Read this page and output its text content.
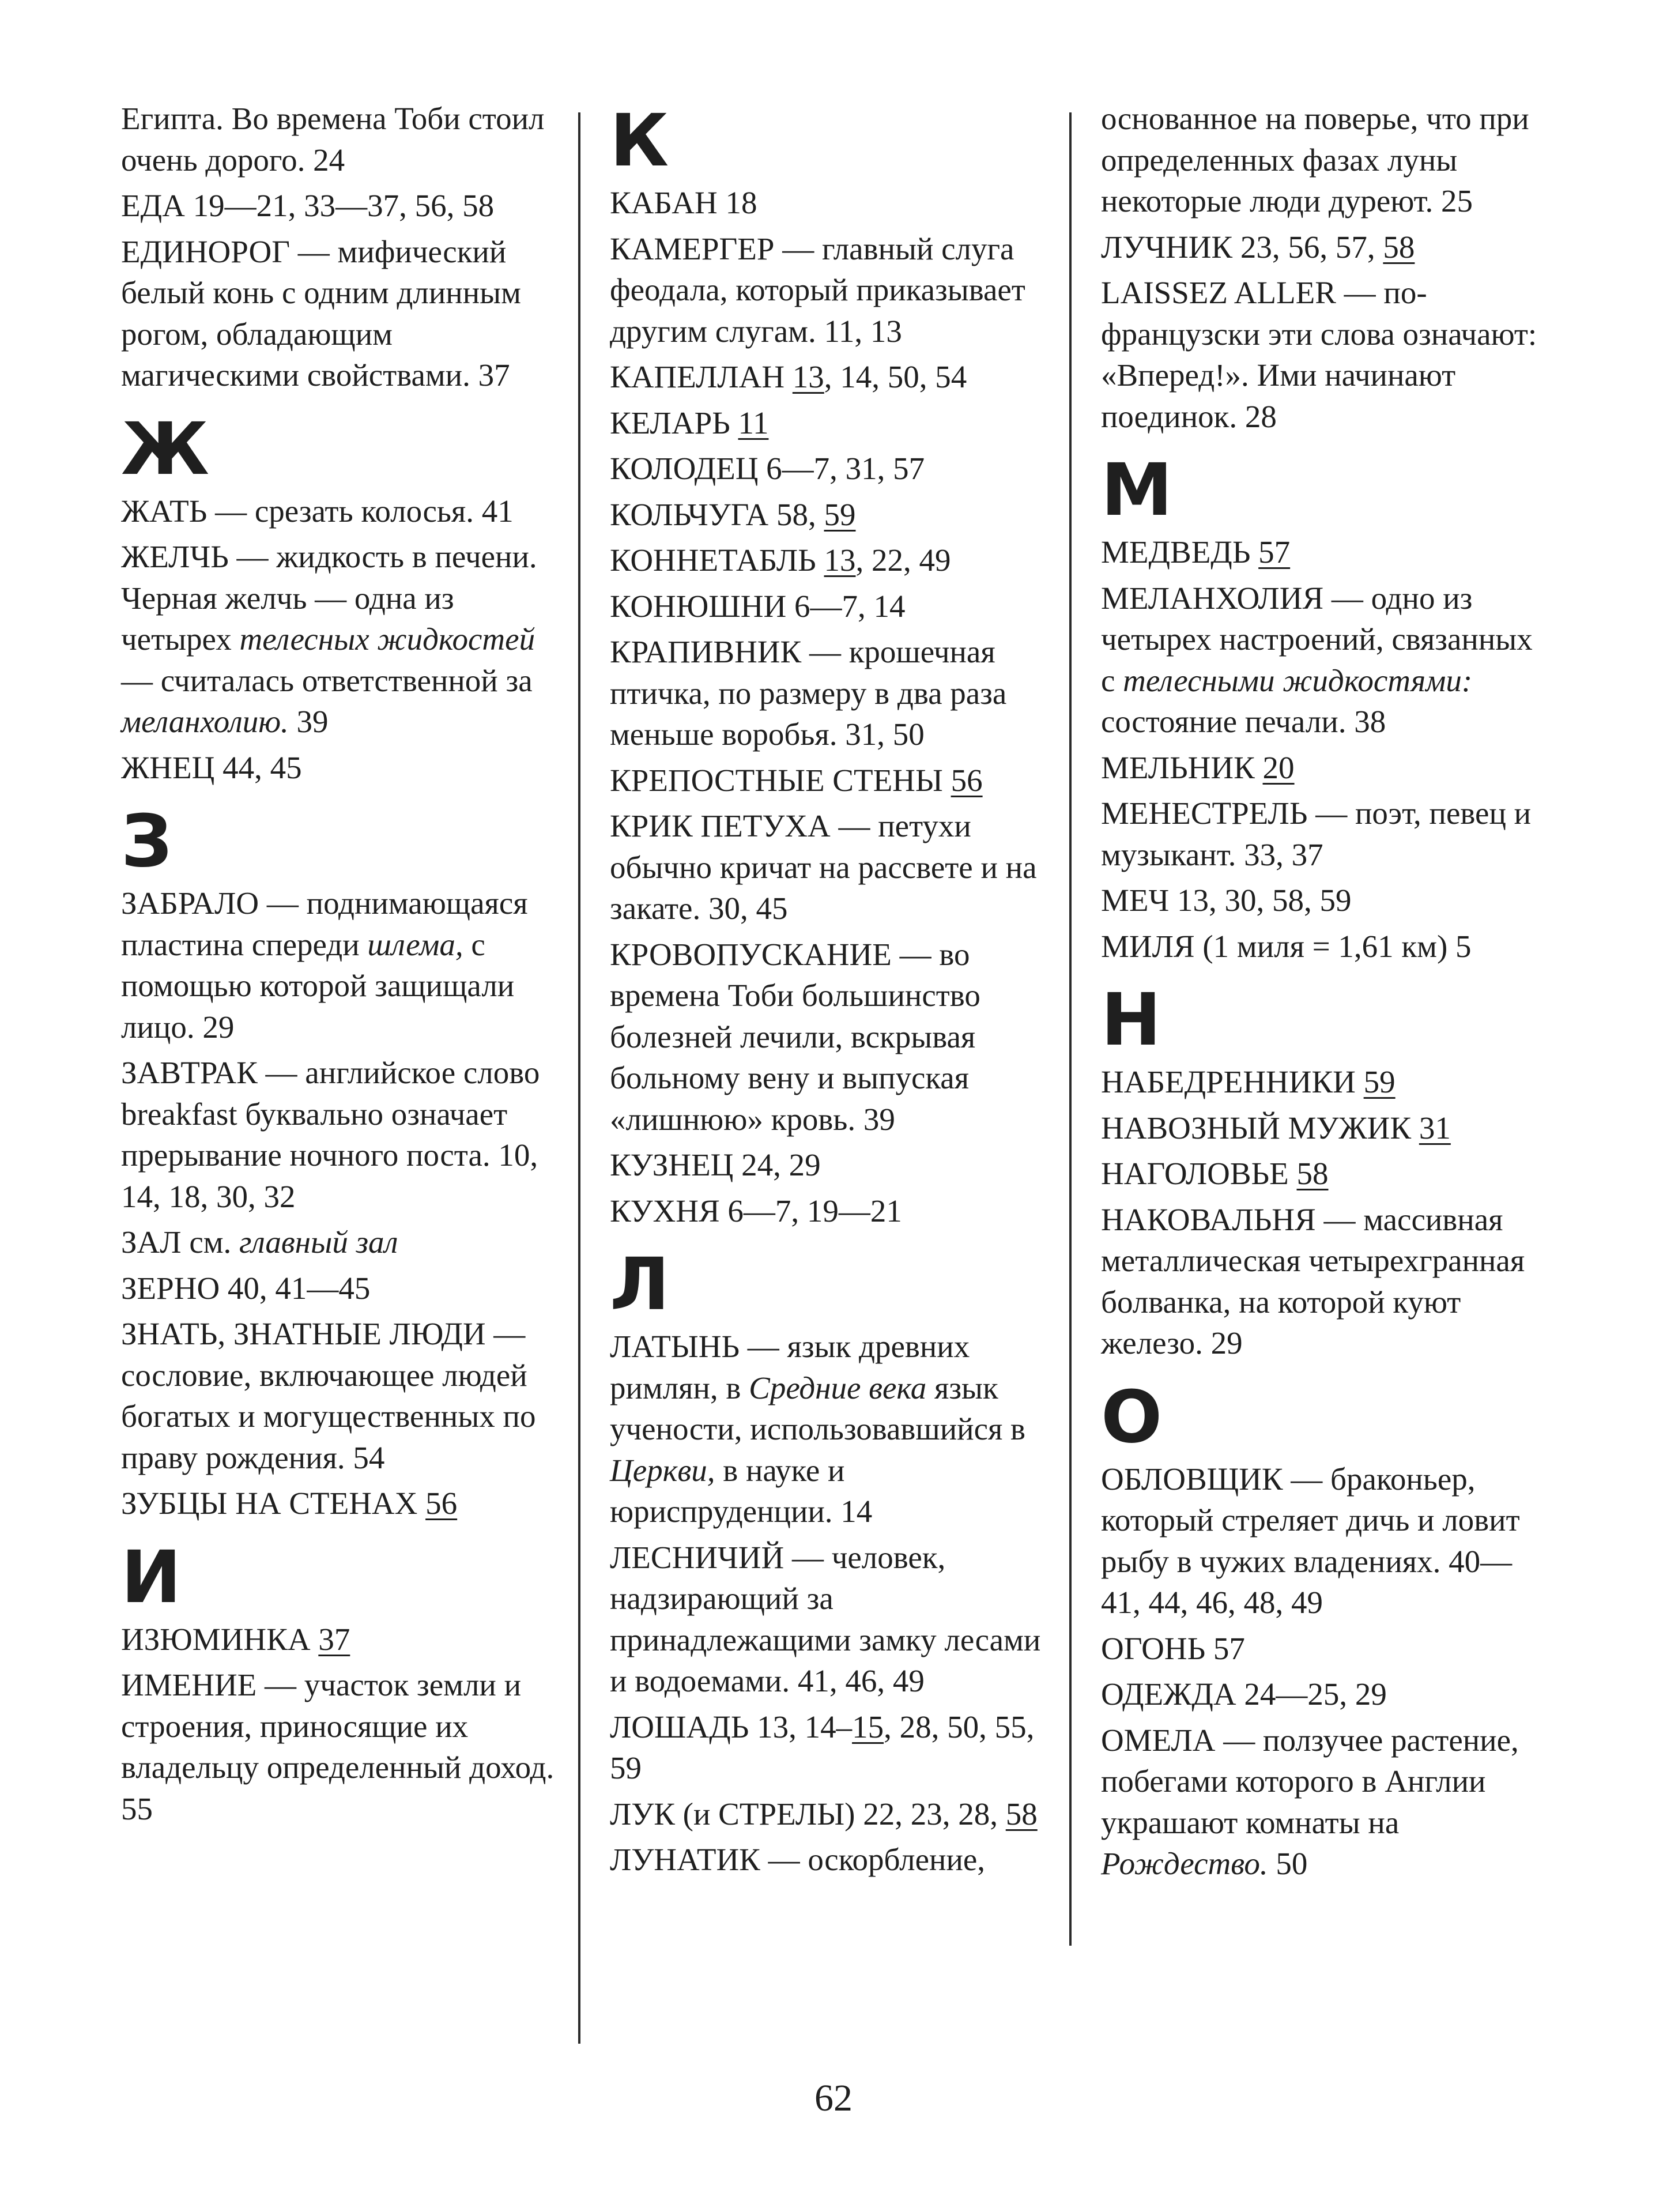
Египта. Во времена Тоби стоил очень дорого. 24
ЕДА 19—21, 33—37, 56, 58
ЕДИНОРОГ — мифический белый конь с одним длинным рогом, обладающим магическими свойствами. 37
Ж
ЖАТЬ — срезать колосья. 41
ЖЕЛЧЬ — жидкость в печени. Черная желчь — одна из четырех телесных жидкостей — считалась ответственной за меланхолию. 39
ЖНЕЦ 44, 45
З
ЗАБРАЛО — поднимающаяся пластина спереди шлема, с помощью которой защищали лицо. 29
ЗАВТРАК — английское слово breakfast буквально означает прерывание ночного поста. 10, 14, 18, 30, 32
ЗАЛ см. главный зал
ЗЕРНО 40, 41—45
ЗНАТЬ, ЗНАТНЫЕ ЛЮДИ — сословие, включающее людей богатых и могущественных по праву рождения. 54
ЗУБЦЫ НА СТЕНАХ 56
И
ИЗЮМИНКА 37
ИМЕНИЕ — участок земли и строения, приносящие их владельцу определенный доход. 55
К
КАБАН 18
КАМЕРГЕР — главный слуга феодала, который приказывает другим слугам. 11, 13
КАПЕЛЛАН 13, 14, 50, 54
КЕЛАРЬ 11
КОЛОДЕЦ 6—7, 31, 57
КОЛЬЧУГА 58, 59
КОННЕТАБЛЬ 13, 22, 49
КОНЮШНИ 6—7, 14
КРАПИВНИК — крошечная птичка, по размеру в два раза меньше воробья. 31, 50
КРЕПОСТНЫЕ СТЕНЫ 56
КРИК ПЕТУХА — петухи обычно кричат на рассвете и на закате. 30, 45
КРОВОПУСКАНИЕ — во времена Тоби большинство болезней лечили, вскрывая больному вену и выпуская «лишнюю» кровь. 39
КУЗНЕЦ 24, 29
КУХНЯ 6—7, 19—21
Л
ЛАТЫНЬ — язык древних римлян, в Средние века язык учености, использовавшийся в Церкви, в науке и юриспруденции. 14
ЛЕСНИЧИЙ — человек, надзирающий за принадлежащими замку лесами и водоемами. 41, 46, 49
ЛОШАДЬ 13, 14–15, 28, 50, 55, 59
ЛУК (и СТРЕЛЫ) 22, 23, 28, 58
ЛУНАТИК — оскорбление,
основанное на поверье, что при определенных фазах луны некоторые люди дуреют. 25
ЛУЧНИК 23, 56, 57, 58
LAISSEZ ALLER — по-французски эти слова означают: «Вперед!». Ими начинают поединок. 28
М
МЕДВЕДЬ 57
МЕЛАНХОЛИЯ — одно из четырех настроений, связанных с телесными жидкостями: состояние печали. 38
МЕЛЬНИК 20
МЕНЕСТРЕЛЬ — поэт, певец и музыкант. 33, 37
МЕЧ 13, 30, 58, 59
МИЛЯ (1 миля = 1,61 км) 5
Н
НАБЕДРЕННИКИ 59
НАВОЗНЫЙ МУЖИК 31
НАГОЛОВЬЕ 58
НАКОВАЛЬНЯ — массивная металлическая четырехгранная болванка, на которой куют железо. 29
О
ОБЛОВЩИК — браконьер, который стреляет дичь и ловит рыбу в чужих владениях. 40—41, 44, 46, 48, 49
ОГОНЬ 57
ОДЕЖДА 24—25, 29
ОМЕЛА — ползучее растение, побегами которого в Англии украшают комнаты на Рождество. 50
62
